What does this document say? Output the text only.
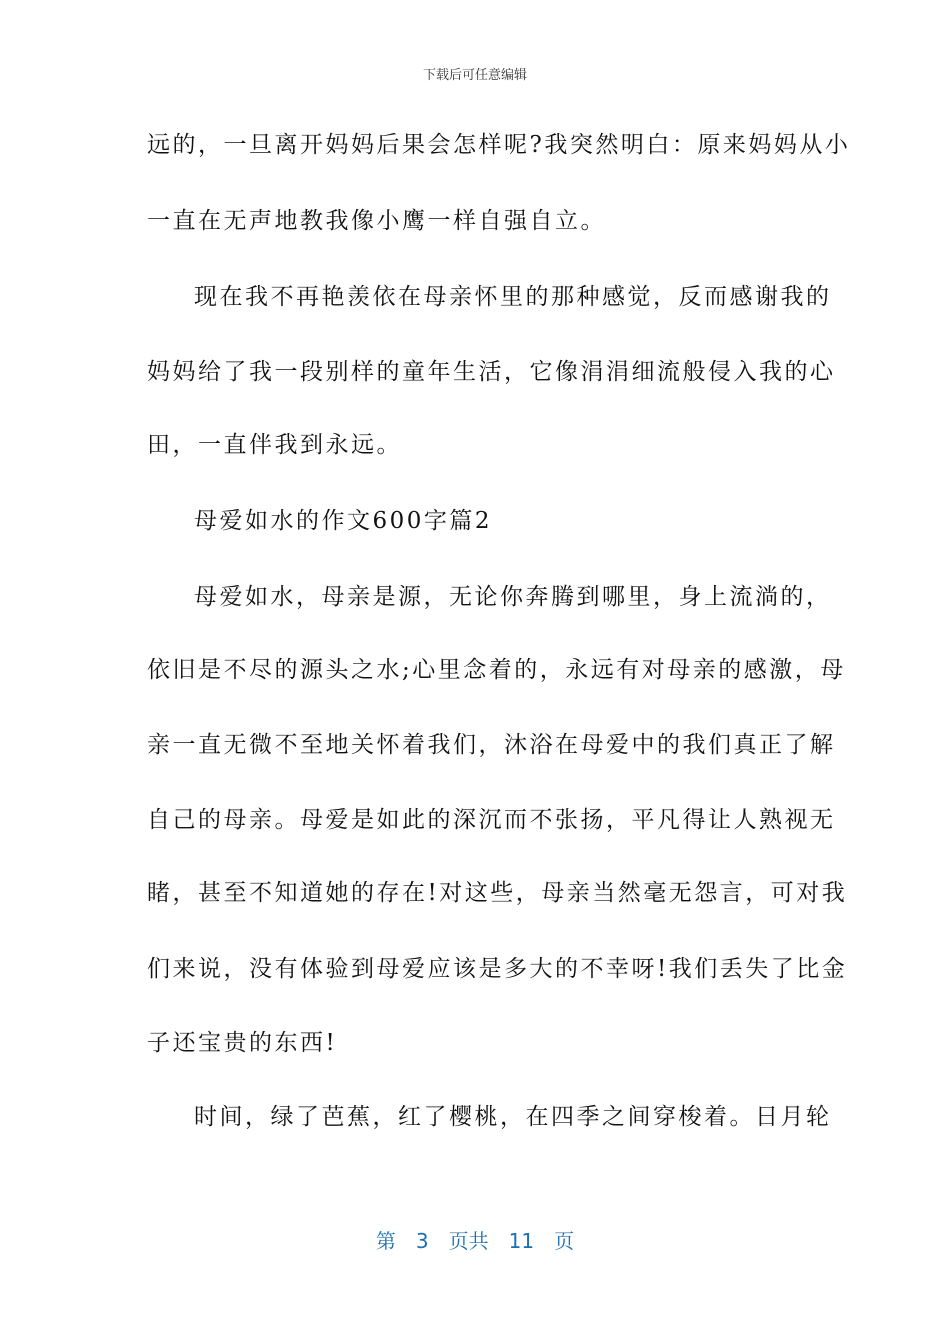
下载后可任意编辑
远的，一旦离开妈妈后果会怎样呢?我突然明白：原来妈妈从小
一直在无声地教我像小鹰一样自强自立。
现在我不再艳羡依在母亲怀里的那种感觉，反而感谢我的
妈妈给了我一段别样的童年生活，它像涓涓细流般侵入我的心
田，一直伴我到永远。
母爱如水的作文600字篇2
母爱如水，母亲是源，无论你奔腾到哪里，身上流淌的，
依旧是不尽的源头之水;心里念着的，永远有对母亲的感激，母
亲一直无微不至地关怀着我们，沐浴在母爱中的我们真正了解
自己的母亲。母爱是如此的深沉而不张扬，平凡得让人熟视无
睹，甚至不知道她的存在!对这些，母亲当然毫无怨言，可对我
们来说，没有体验到母爱应该是多大的不幸呀!我们丢失了比金
子还宝贵的东西!
时间，绿了芭蕉，红了樱桃，在四季之间穿梭着。日月轮
第 3 页共 11 页
